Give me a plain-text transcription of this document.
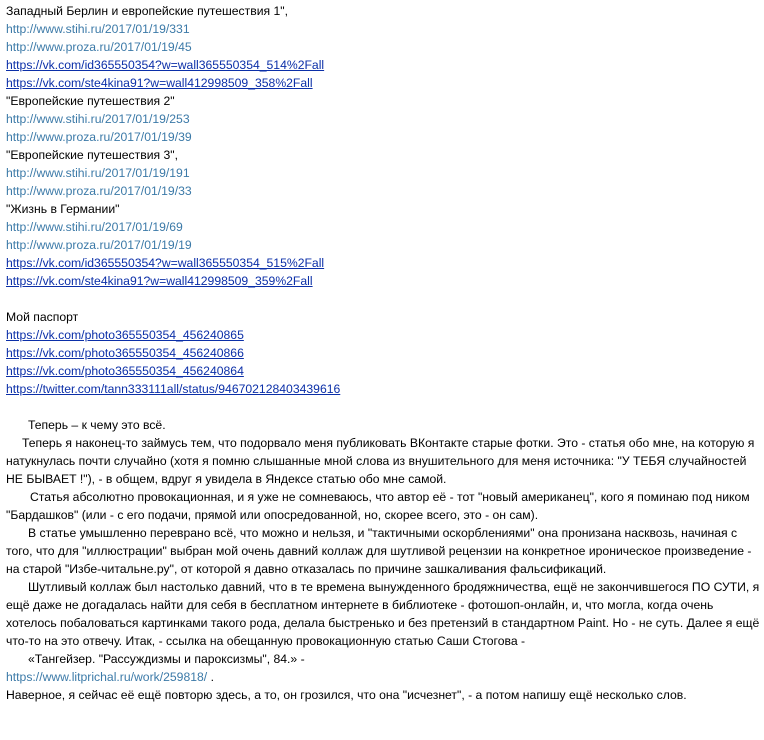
Западный Берлин и европейские путешествия 1",
http://www.stihi.ru/2017/01/19/331
http://www.proza.ru/2017/01/19/45
https://vk.com/id365550354?w=wall365550354_514%2Fall
https://vk.com/ste4kina91?w=wall412998509_358%2Fall
"Европейские путешествия 2"
http://www.stihi.ru/2017/01/19/253
http://www.proza.ru/2017/01/19/39
"Европейские путешествия 3",
http://www.stihi.ru/2017/01/19/191
http://www.proza.ru/2017/01/19/33
"Жизнь в Германии"
http://www.stihi.ru/2017/01/19/69
http://www.proza.ru/2017/01/19/19
https://vk.com/id365550354?w=wall365550354_515%2Fall
https://vk.com/ste4kina91?w=wall412998509_359%2Fall
Мой паспорт
https://vk.com/photo365550354_456240865
https://vk.com/photo365550354_456240866
https://vk.com/photo365550354_456240864
https://twitter.com/tann333111all/status/946702128403439616
Теперь – к чему это всё.
Теперь я наконец-то займусь тем, что подорвало меня публиковать ВКонтакте старые фотки. Это - статья обо мне, на которую я натукнулась почти случайно (хотя я помню слышанные мной слова из внушительного для меня источника: "У ТЕБЯ случайностей НЕ БЫВАЕТ !"), - в общем, вдруг я увидела в Яндексе статью обо мне самой.
Статья абсолютно провокационная, и я уже не сомневаюсь, что автор её - тот "новый американец", кого я поминаю под ником "Бардашков" (или - с его подачи, прямой или опосредованной, но, скорее всего, это - он сам).
В статье умышленно переврано всё, что можно и нельзя, и "тактичными оскорблениями" она пронизана насквозь, начиная с того, что для "иллюстрации" выбран мой очень давний коллаж для шутливой рецензии на конкретное ироническое произведение - на старой "Избе-читальне.ру", от которой я давно отказалась по причине зашкаливания фальсификаций.
Шутливый коллаж был настолько давний, что в те времена вынужденного бродяжничества, ещё не закончившегося ПО СУТИ, я ещё даже не догадалась найти для себя в бесплатном интернете в библиотеке - фотошоп-онлайн, и, что могла, когда очень хотелось побаловаться картинками такого рода, делала быстренько и без претензий в стандартном Paint. Но - не суть. Далее я ещё что-то на это отвечу. Итак, - ссылка на обещанную провокационную статью Саши Стогова -
«Тангейзер. "Рассуждизмы и пароксизмы", 84.» -
https://www.litprichal.ru/work/259818/ .
Наверное, я сейчас её ещё повторю здесь, а то, он грозился, что она "исчезнет", - а потом напишу ещё несколько слов.
